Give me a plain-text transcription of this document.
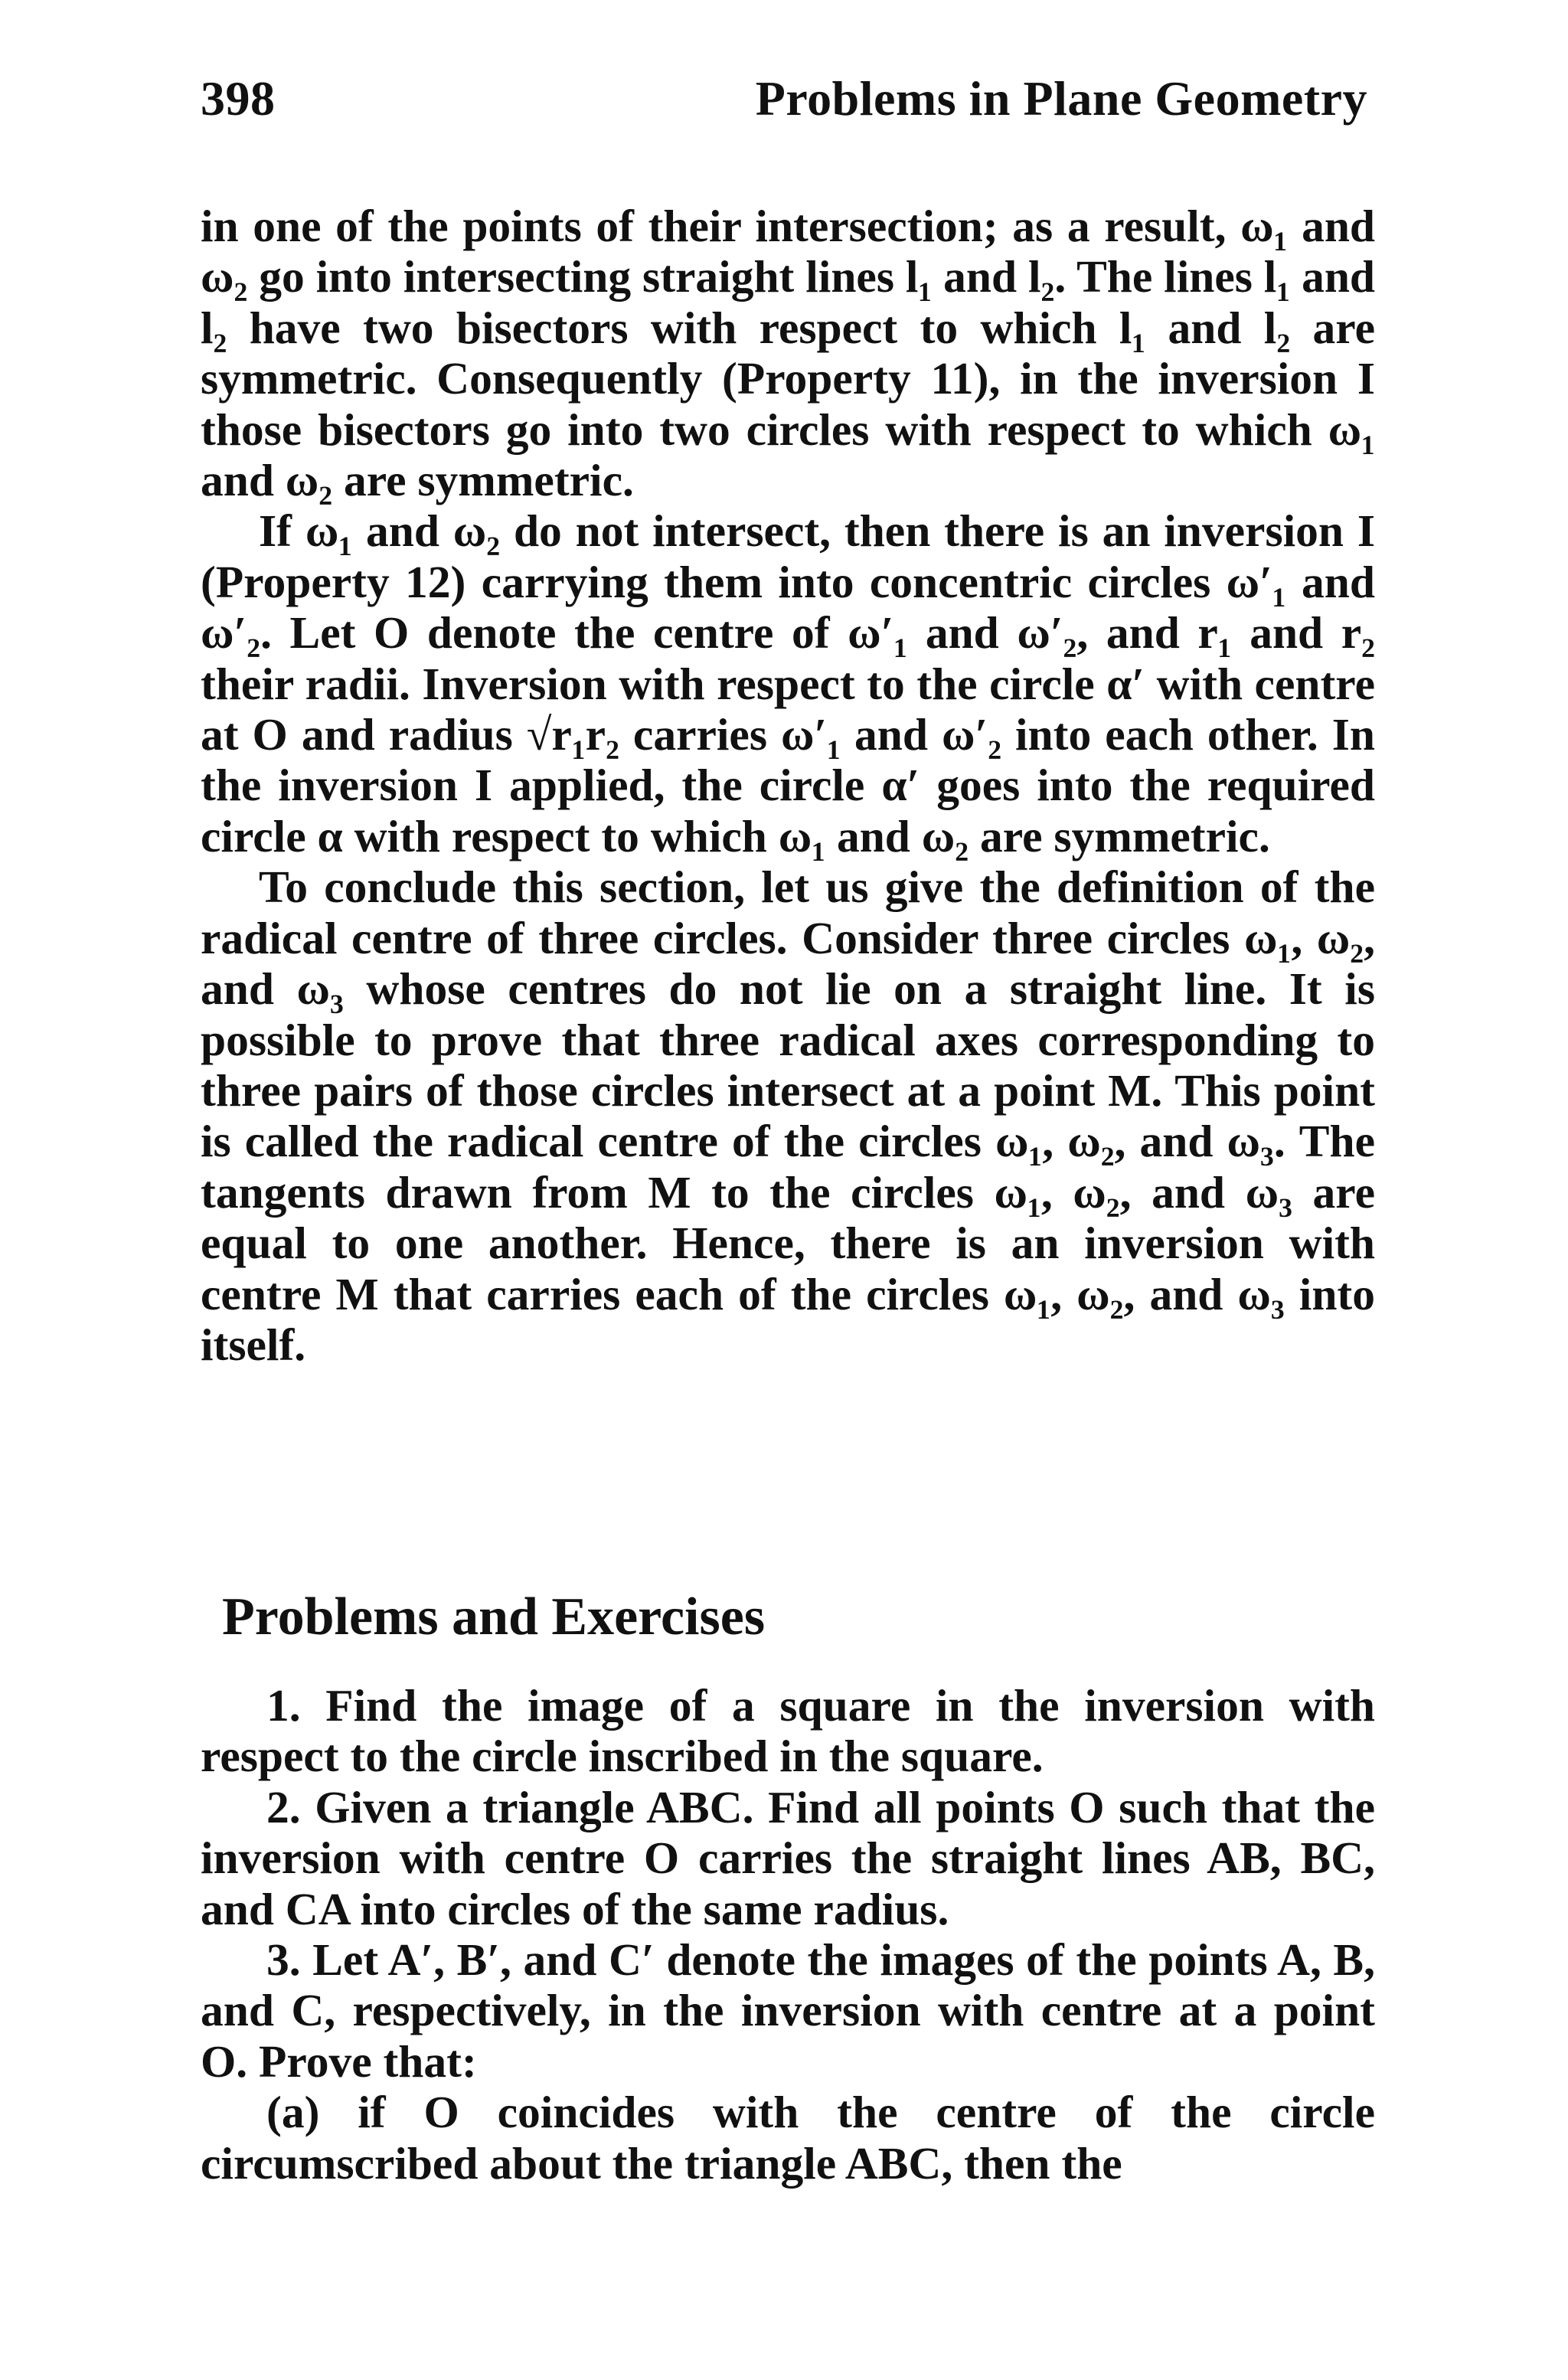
398	Problems in Plane Geometry

in one of the points of their intersection; as a result, ω₁ and ω₂ go into intersecting straight lines l₁ and l₂. The lines l₁ and l₂ have two bisectors with respect to which l₁ and l₂ are symmetric. Consequently (Property 11), in the inversion I those bisectors go into two circles with respect to which ω₁ and ω₂ are symmetric.

If ω₁ and ω₂ do not intersect, then there is an inversion I (Property 12) carrying them into concentric circles ω′₁ and ω′₂. Let O denote the centre of ω′₁ and ω′₂, and r₁ and r₂ their radii. Inversion with respect to the circle α′ with centre at O and radius √r₁r₂ carries ω′₁ and ω′₂ into each other. In the inversion I applied, the circle α′ goes into the required circle α with respect to which ω₁ and ω₂ are symmetric.

To conclude this section, let us give the definition of the radical centre of three circles. Consider three circles ω₁, ω₂, and ω₃ whose centres do not lie on a straight line. It is possible to prove that three radical axes corresponding to three pairs of those circles intersect at a point M. This point is called the radical centre of the circles ω₁, ω₂, and ω₃. The tangents drawn from M to the circles ω₁, ω₂, and ω₃ are equal to one another. Hence, there is an inversion with centre M that carries each of the circles ω₁, ω₂, and ω₃ into itself.

Problems and Exercises

1. Find the image of a square in the inversion with respect to the circle inscribed in the square.

2. Given a triangle ABC. Find all points O such that the inversion with centre O carries the straight lines AB, BC, and CA into circles of the same radius.

3. Let A′, B′, and C′ denote the images of the points A, B, and C, respectively, in the inversion with centre at a point O. Prove that:

(a) if O coincides with the centre of the circle circumscribed about the triangle ABC, then the
